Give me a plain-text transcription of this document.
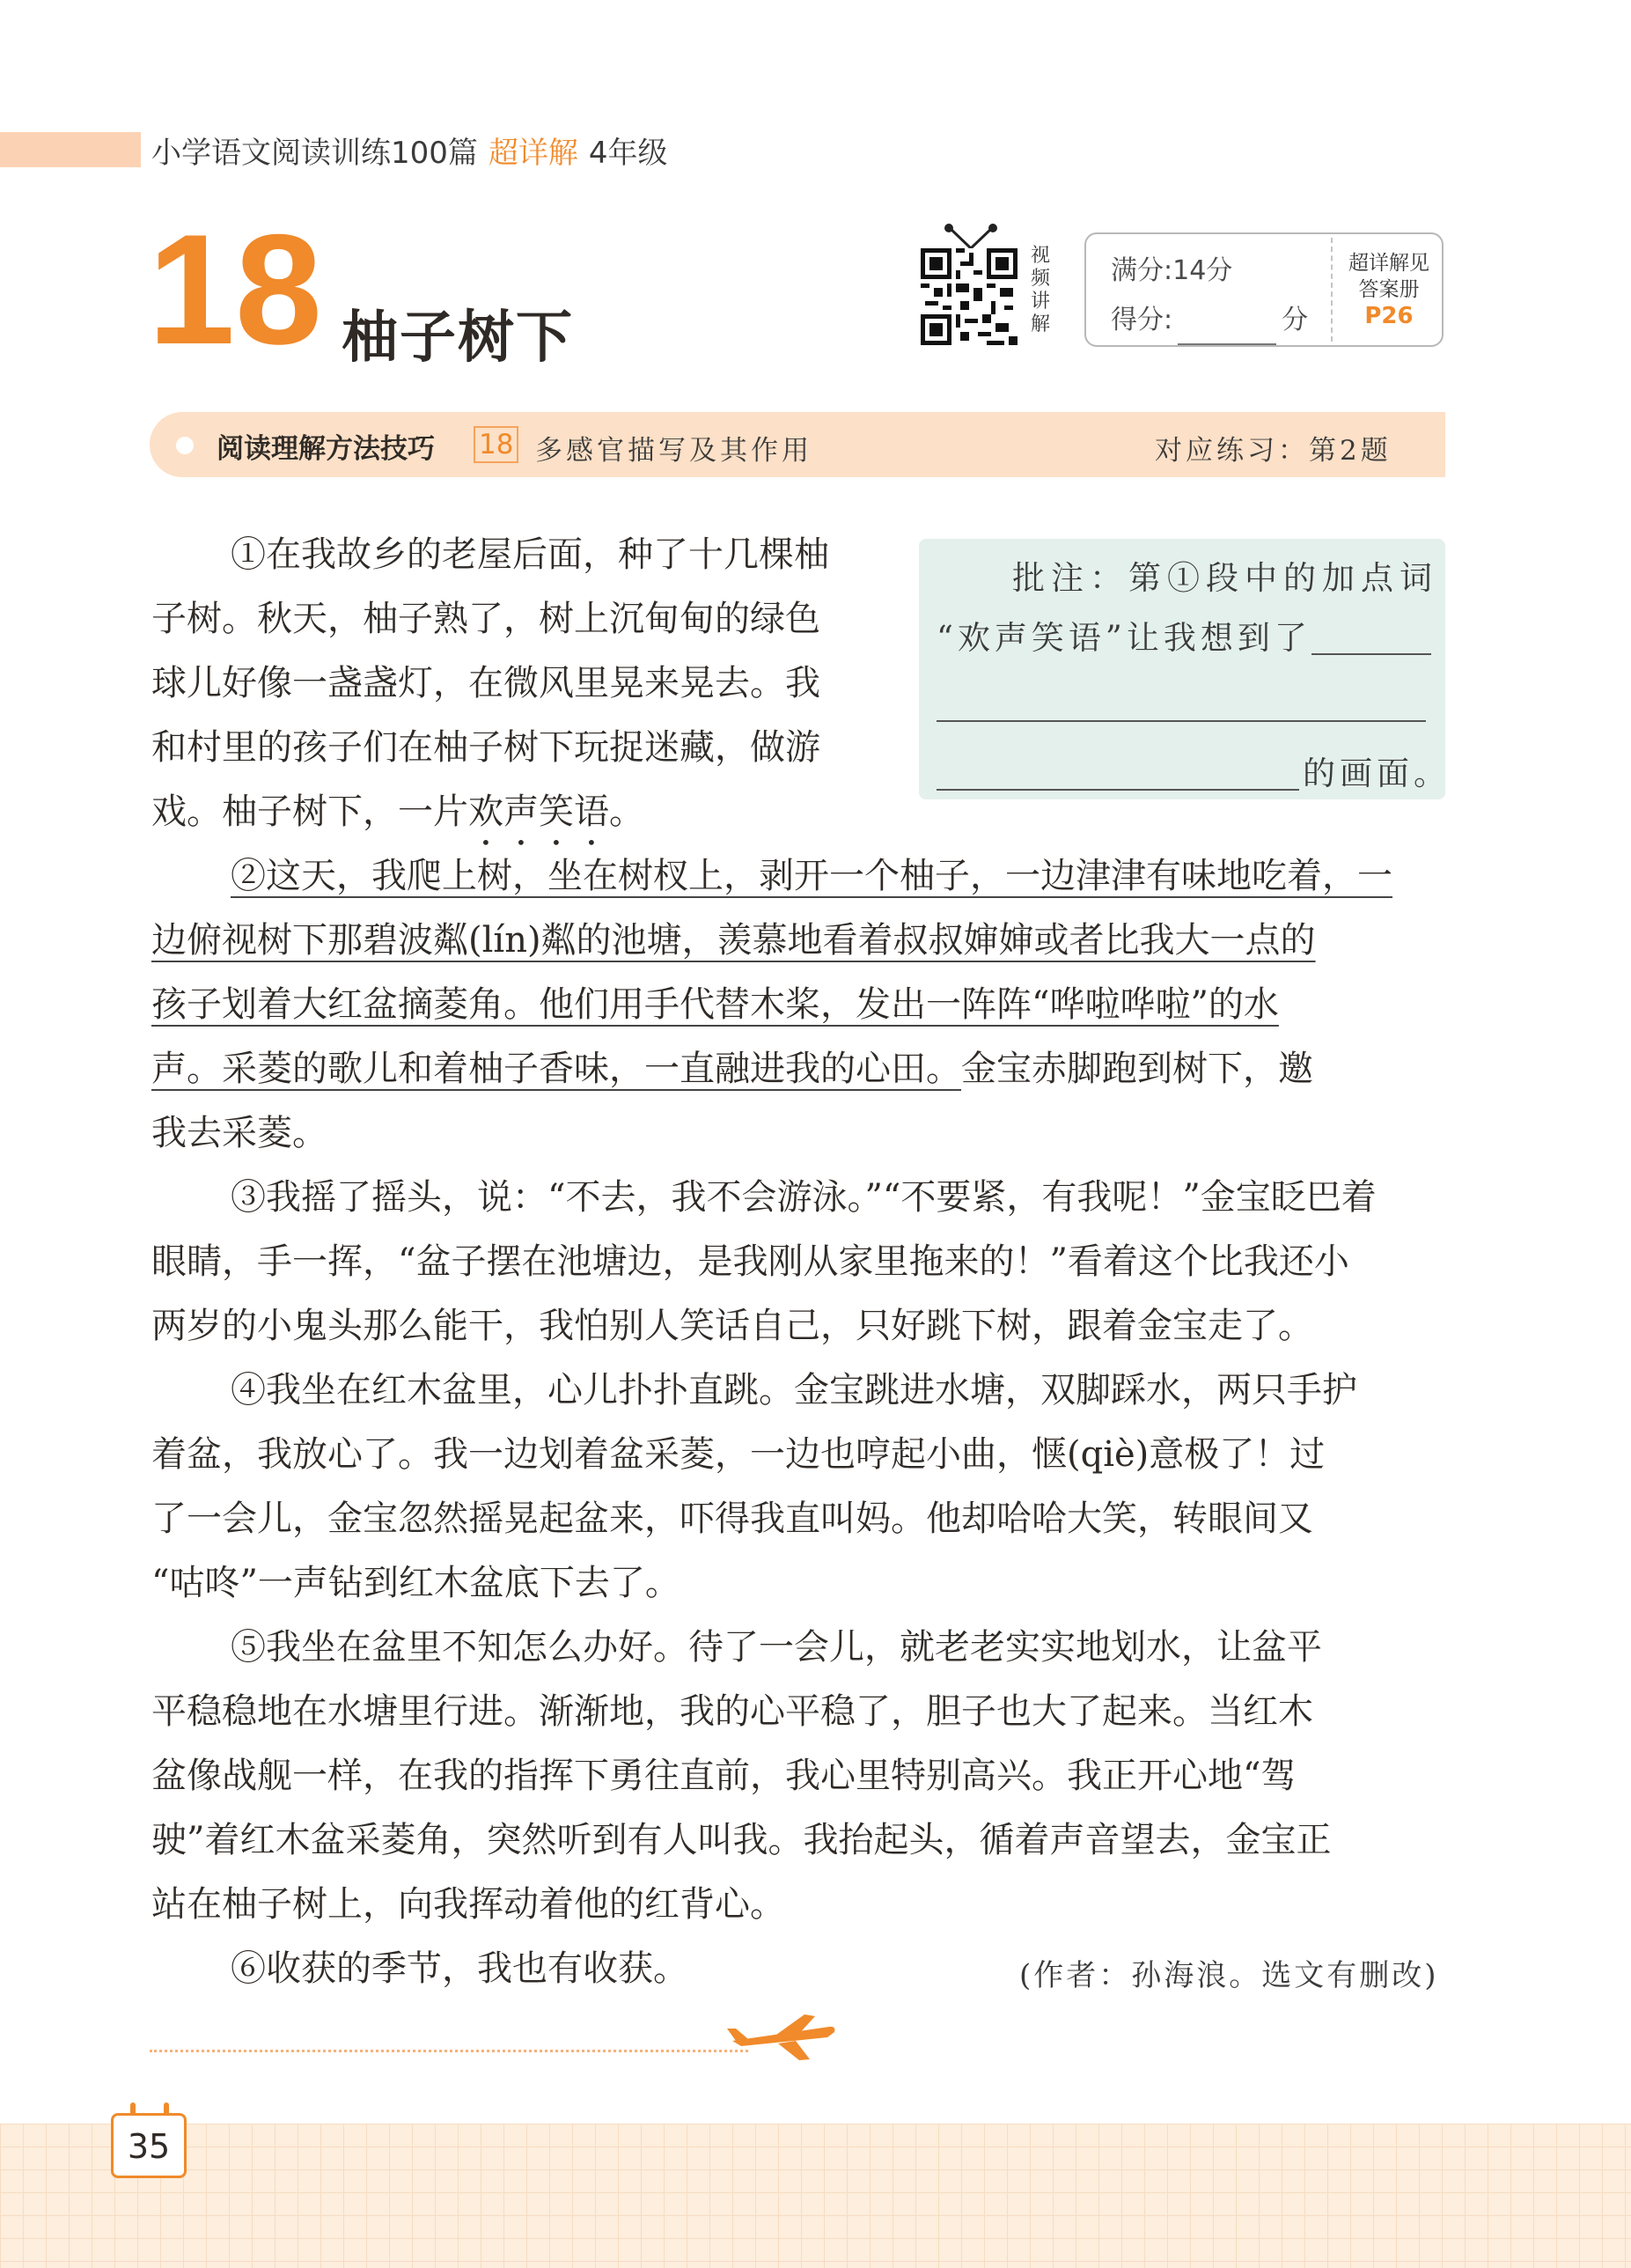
小学语文阅读训练100篇 超详解 4年级
18 柚子树下
视
频
讲
解
满分:14分
得分:	分
超详解见
答案册
P26
阅读理解方法技巧 18 多感官描写及其作用	对应练习：第2题
批注：第①段中的加点词
“欢声笑语”让我想到了
的画面。
①在我故乡的老屋后面，种了十几棵柚
子树。秋天，柚子熟了，树上沉甸甸的绿色
球儿好像一盏盏灯，在微风里晃来晃去。我
和村里的孩子们在柚子树下玩捉迷藏，做游
戏。柚子树下，一片欢声笑语。
②这天，我爬上树，坐在树杈上，剥开一个柚子，一边津津有味地吃着，一
边俯视树下那碧波粼(lín)粼的池塘，羡慕地看着叔叔婶婶或者比我大一点的
孩子划着大红盆摘菱角。他们用手代替木桨，发出一阵阵“哗啦哗啦”的水
声。采菱的歌儿和着柚子香味，一直融进我的心田。金宝赤脚跑到树下，邀
我去采菱。
③我摇了摇头，说：“不去，我不会游泳。”“不要紧，有我呢！”金宝眨巴着
眼睛，手一挥，“盆子摆在池塘边，是我刚从家里拖来的！”看着这个比我还小
两岁的小鬼头那么能干，我怕别人笑话自己，只好跳下树，跟着金宝走了。
④我坐在红木盆里，心儿扑扑直跳。金宝跳进水塘，双脚踩水，两只手护
着盆，我放心了。我一边划着盆采菱，一边也哼起小曲，惬(qiè)意极了！过
了一会儿，金宝忽然摇晃起盆来，吓得我直叫妈。他却哈哈大笑，转眼间又
“咕咚”一声钻到红木盆底下去了。
⑤我坐在盆里不知怎么办好。待了一会儿，就老老实实地划水，让盆平
平稳稳地在水塘里行进。渐渐地，我的心平稳了，胆子也大了起来。当红木
盆像战舰一样，在我的指挥下勇往直前，我心里特别高兴。我正开心地“驾
驶”着红木盆采菱角，突然听到有人叫我。我抬起头，循着声音望去，金宝正
站在柚子树上，向我挥动着他的红背心。
⑥收获的季节，我也有收获。	(作者：孙海浪。选文有删改)
35
